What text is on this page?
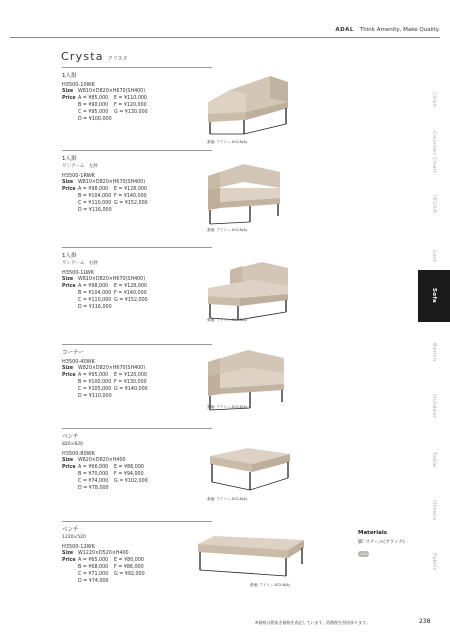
ADAL Think Amenity, Make Quality.
Crysta クリスタ
1人掛
H3500-10WK
Size W810×D820×H670(SH400)
Price A = ¥85,000	E = ¥110,000
B = ¥90,000	F = ¥120,000
C = ¥95,000	G = ¥130,000
D = ¥100,000
1人掛
ワンアーム　左肘
H3500-1RWK
Size W810×D820×H670(SH400)
Price A = ¥98,000	E = ¥128,000
B = ¥104,000 F = ¥140,000
C = ¥110,000 G = ¥152,000
D = ¥116,000
1人掛
ワンアーム　右肘
H3500-1LWK
Size W810×D820×H670(SH400)
Price A = ¥98,000	E = ¥128,000
B = ¥104,000 F = ¥140,000
C = ¥110,000 G = ¥152,000
D = ¥116,000
コーナー
H3500-40WK
Size W820×D820×H670(SH400)
Price A = ¥95,000	E = ¥120,000
B = ¥100,000 F = ¥130,000
C = ¥105,000 G = ¥140,000
D = ¥110,000
ベンチ
820×820
H3500-80WK
Size W820×D820×H400
Price A = ¥66,000	E = ¥86,000
B = ¥70,000	F = ¥94,000
C = ¥74,000	G = ¥102,000
D = ¥78,000
ベンチ
1220×520
H3500-12WK
Size W1220×D520×H400
Price A = ¥65,000	E = ¥80,000
B = ¥68,000	F = ¥86,000
C = ¥71,000	G = ¥92,000
D = ¥74,000
張地: アイコン-ICO-6(A)
張地: アイコン-ICO-6(A)
張地: アイコン-ICO-6(A)
張地: アイコン-ICO-6(A)
張地: アイコン-ICO-6(A)
張地: アイコン-ICO-6(A)
Chair
Counter Chair
ISUSA
Lost
Sofa
Bench
Outdoor
Table
Others
Fabric
Materials
脚: スチール(ブラック)
※価格は税抜き価格を表記しています。消費税を別途承ります。	238
